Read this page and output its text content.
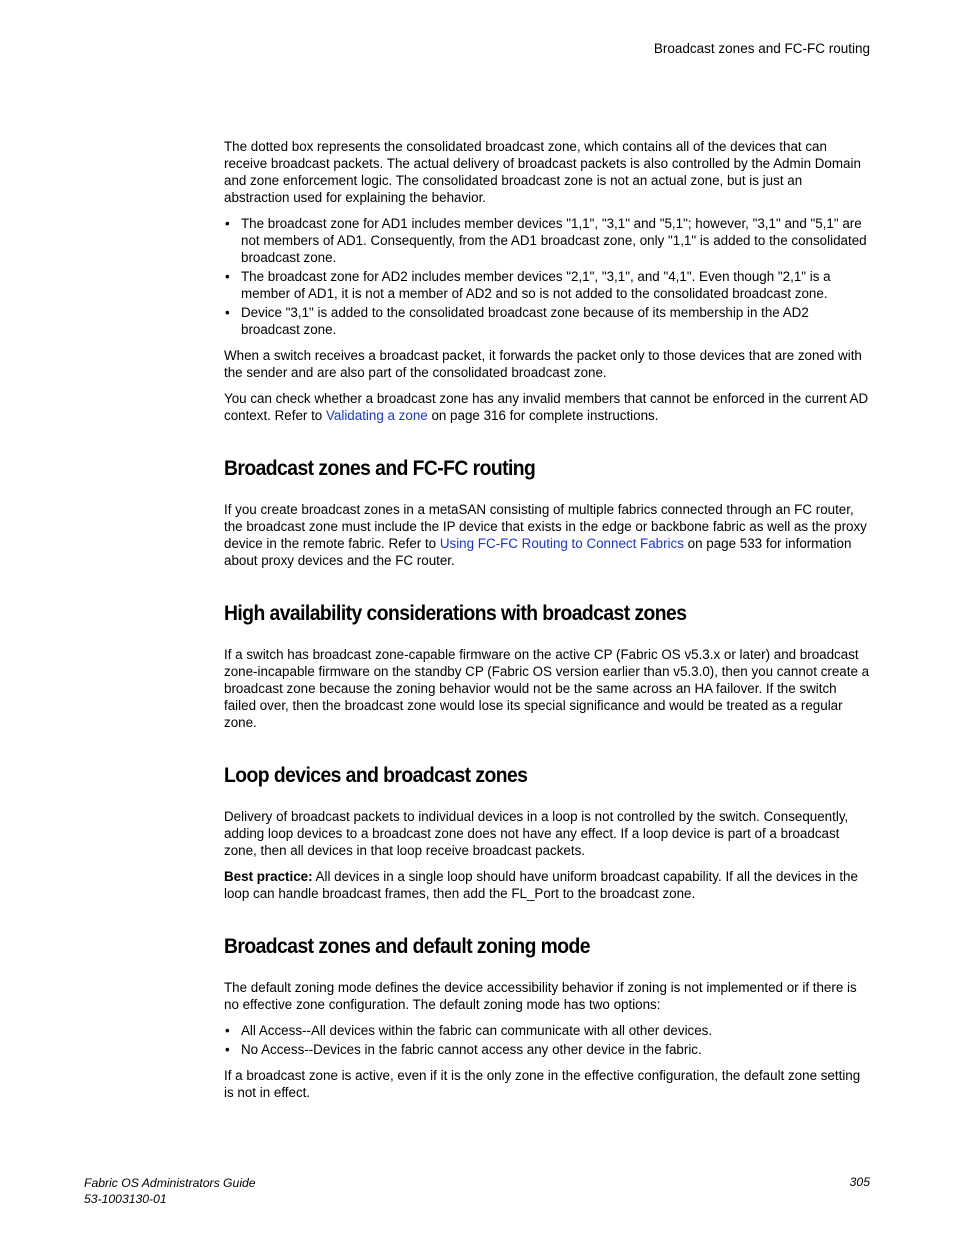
Broadcast zones and FC-FC routing

The dotted box represents the consolidated broadcast zone, which contains all of the devices that can receive broadcast packets. The actual delivery of broadcast packets is also controlled by the Admin Domain and zone enforcement logic. The consolidated broadcast zone is not an actual zone, but is just an abstraction used for explaining the behavior.

• The broadcast zone for AD1 includes member devices "1,1", "3,1" and "5,1"; however, "3,1" and "5,1" are not members of AD1. Consequently, from the AD1 broadcast zone, only "1,1" is added to the consolidated broadcast zone.
• The broadcast zone for AD2 includes member devices "2,1", "3,1", and "4,1". Even though "2,1" is a member of AD1, it is not a member of AD2 and so is not added to the consolidated broadcast zone.
• Device "3,1" is added to the consolidated broadcast zone because of its membership in the AD2 broadcast zone.

When a switch receives a broadcast packet, it forwards the packet only to those devices that are zoned with the sender and are also part of the consolidated broadcast zone.

You can check whether a broadcast zone has any invalid members that cannot be enforced in the current AD context. Refer to Validating a zone on page 316 for complete instructions.

Broadcast zones and FC-FC routing

If you create broadcast zones in a metaSAN consisting of multiple fabrics connected through an FC router, the broadcast zone must include the IP device that exists in the edge or backbone fabric as well as the proxy device in the remote fabric. Refer to Using FC-FC Routing to Connect Fabrics on page 533 for information about proxy devices and the FC router.

High availability considerations with broadcast zones

If a switch has broadcast zone-capable firmware on the active CP (Fabric OS v5.3.x or later) and broadcast zone-incapable firmware on the standby CP (Fabric OS version earlier than v5.3.0), then you cannot create a broadcast zone because the zoning behavior would not be the same across an HA failover. If the switch failed over, then the broadcast zone would lose its special significance and would be treated as a regular zone.

Loop devices and broadcast zones

Delivery of broadcast packets to individual devices in a loop is not controlled by the switch. Consequently, adding loop devices to a broadcast zone does not have any effect. If a loop device is part of a broadcast zone, then all devices in that loop receive broadcast packets.

Best practice: All devices in a single loop should have uniform broadcast capability. If all the devices in the loop can handle broadcast frames, then add the FL_Port to the broadcast zone.

Broadcast zones and default zoning mode

The default zoning mode defines the device accessibility behavior if zoning is not implemented or if there is no effective zone configuration. The default zoning mode has two options:

• All Access--All devices within the fabric can communicate with all other devices.
• No Access--Devices in the fabric cannot access any other device in the fabric.

If a broadcast zone is active, even if it is the only zone in the effective configuration, the default zone setting is not in effect.

Fabric OS Administrators Guide
53-1003130-01
305
